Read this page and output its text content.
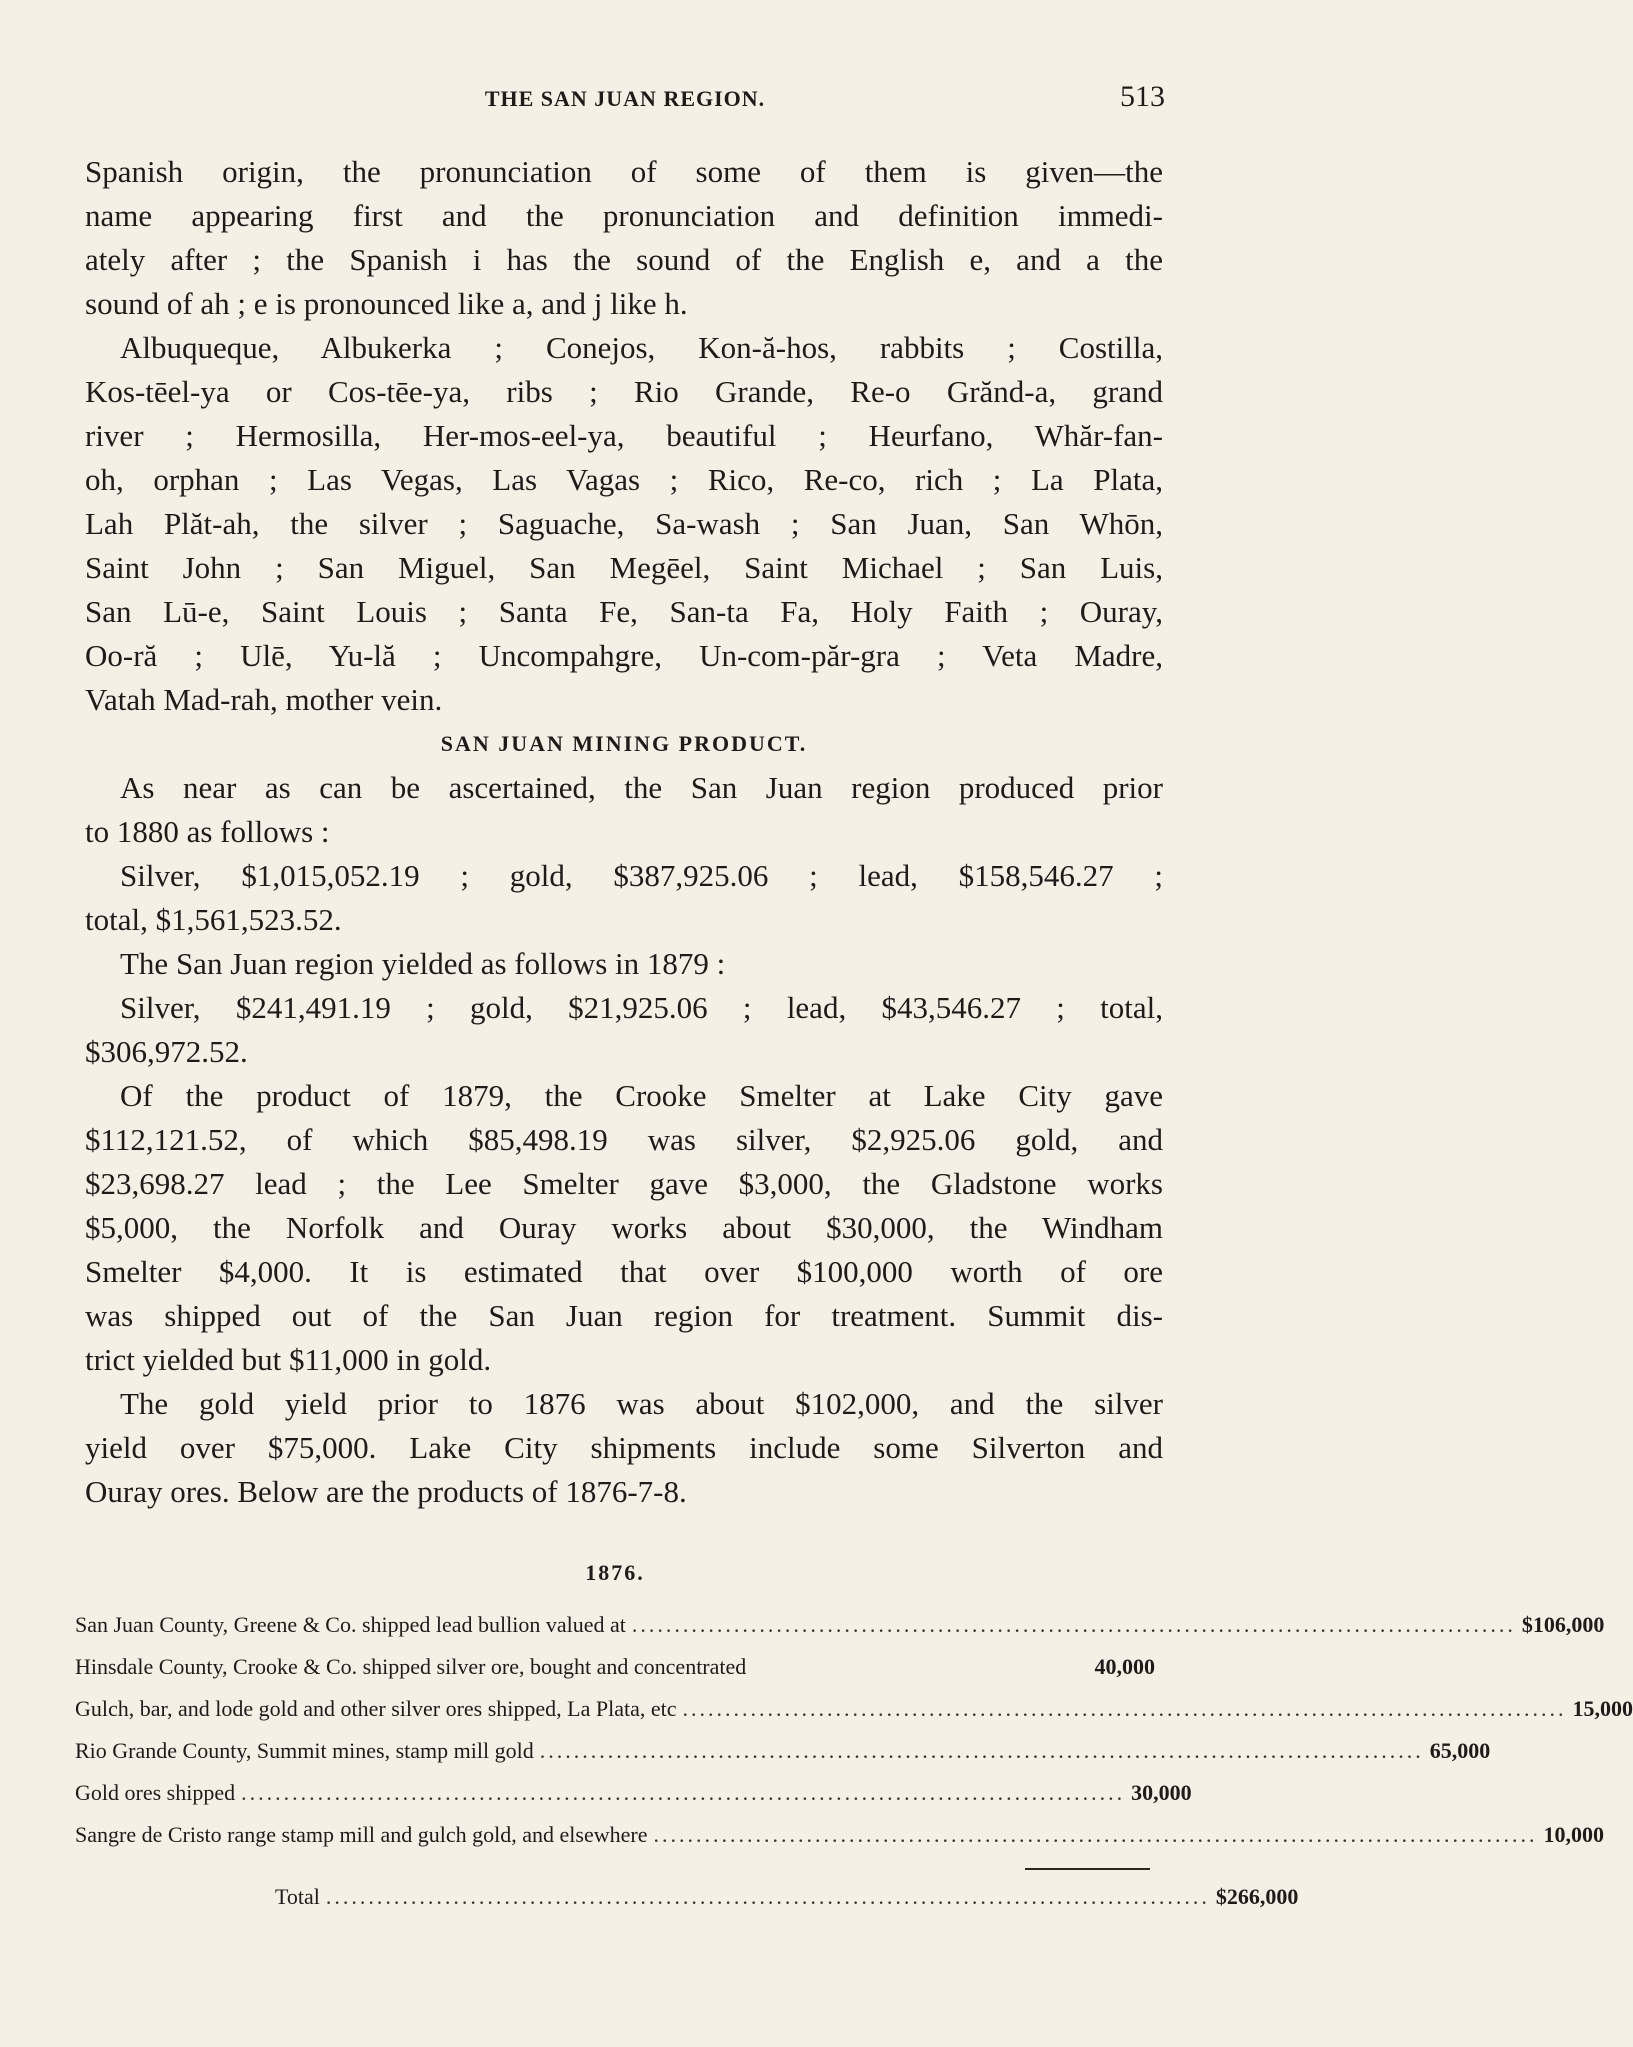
THE SAN JUAN REGION.	513
Spanish origin, the pronunciation of some of them is given—the
name appearing first and the pronunciation and definition immedi-
ately after ; the Spanish i has the sound of the English e, and a the
sound of ah ; e is pronounced like a, and j like h.
Albuqueque, Albukerka ; Conejos, Kon-ă-hos, rabbits ; Costilla,
Kos-tēel-ya or Cos-tēe-ya, ribs ; Rio Grande, Re-o Grănd-a, grand
river ; Hermosilla, Her-mos-eel-ya, beautiful ; Heurfano, Whăr-fan-
oh, orphan ; Las Vegas, Las Vagas ; Rico, Re-co, rich ; La Plata,
Lah Plăt-ah, the silver ; Saguache, Sa-wash ; San Juan, San Whōn,
Saint John ; San Miguel, San Megēel, Saint Michael ; San Luis,
San Lū-e, Saint Louis ; Santa Fe, San-ta Fa, Holy Faith ; Ouray,
Oo-ră ; Ulē, Yu-lă ; Uncompahgre, Un-com-păr-gra ; Veta Madre,
Vatah Mad-rah, mother vein.
SAN JUAN MINING PRODUCT.
As near as can be ascertained, the San Juan region produced prior
to 1880 as follows :
Silver, $1,015,052.19 ; gold, $387,925.06 ; lead, $158,546.27 ;
total, $1,561,523.52.
The San Juan region yielded as follows in 1879 :
Silver, $241,491.19 ; gold, $21,925.06 ; lead, $43,546.27 ; total,
$306,972.52.
Of the product of 1879, the Crooke Smelter at Lake City gave
$112,121.52, of which $85,498.19 was silver, $2,925.06 gold, and
$23,698.27 lead ; the Lee Smelter gave $3,000, the Gladstone works
$5,000, the Norfolk and Ouray works about $30,000, the Windham
Smelter $4,000. It is estimated that over $100,000 worth of ore
was shipped out of the San Juan region for treatment. Summit dis-
trict yielded but $11,000 in gold.
The gold yield prior to 1876 was about $102,000, and the silver
yield over $75,000. Lake City shipments include some Silverton and
Ouray ores. Below are the products of 1876-7-8.
1876.
San Juan County, Greene & Co. shipped lead bullion valued at ........................................................................................................ $106,000
Hinsdale County, Crooke & Co. shipped silver ore, bought and concentrated	40,000
Gulch, bar, and lode gold and other silver ores shipped, La Plata, etc ........................................................................................................ 15,000
Rio Grande County, Summit mines, stamp mill gold ........................................................................................................ 65,000
Gold ores shipped ........................................................................................................ 30,000
Sangre de Cristo range stamp mill and gulch gold, and elsewhere ........................................................................................................ 10,000
Total ........................................................................................................ $266,000
